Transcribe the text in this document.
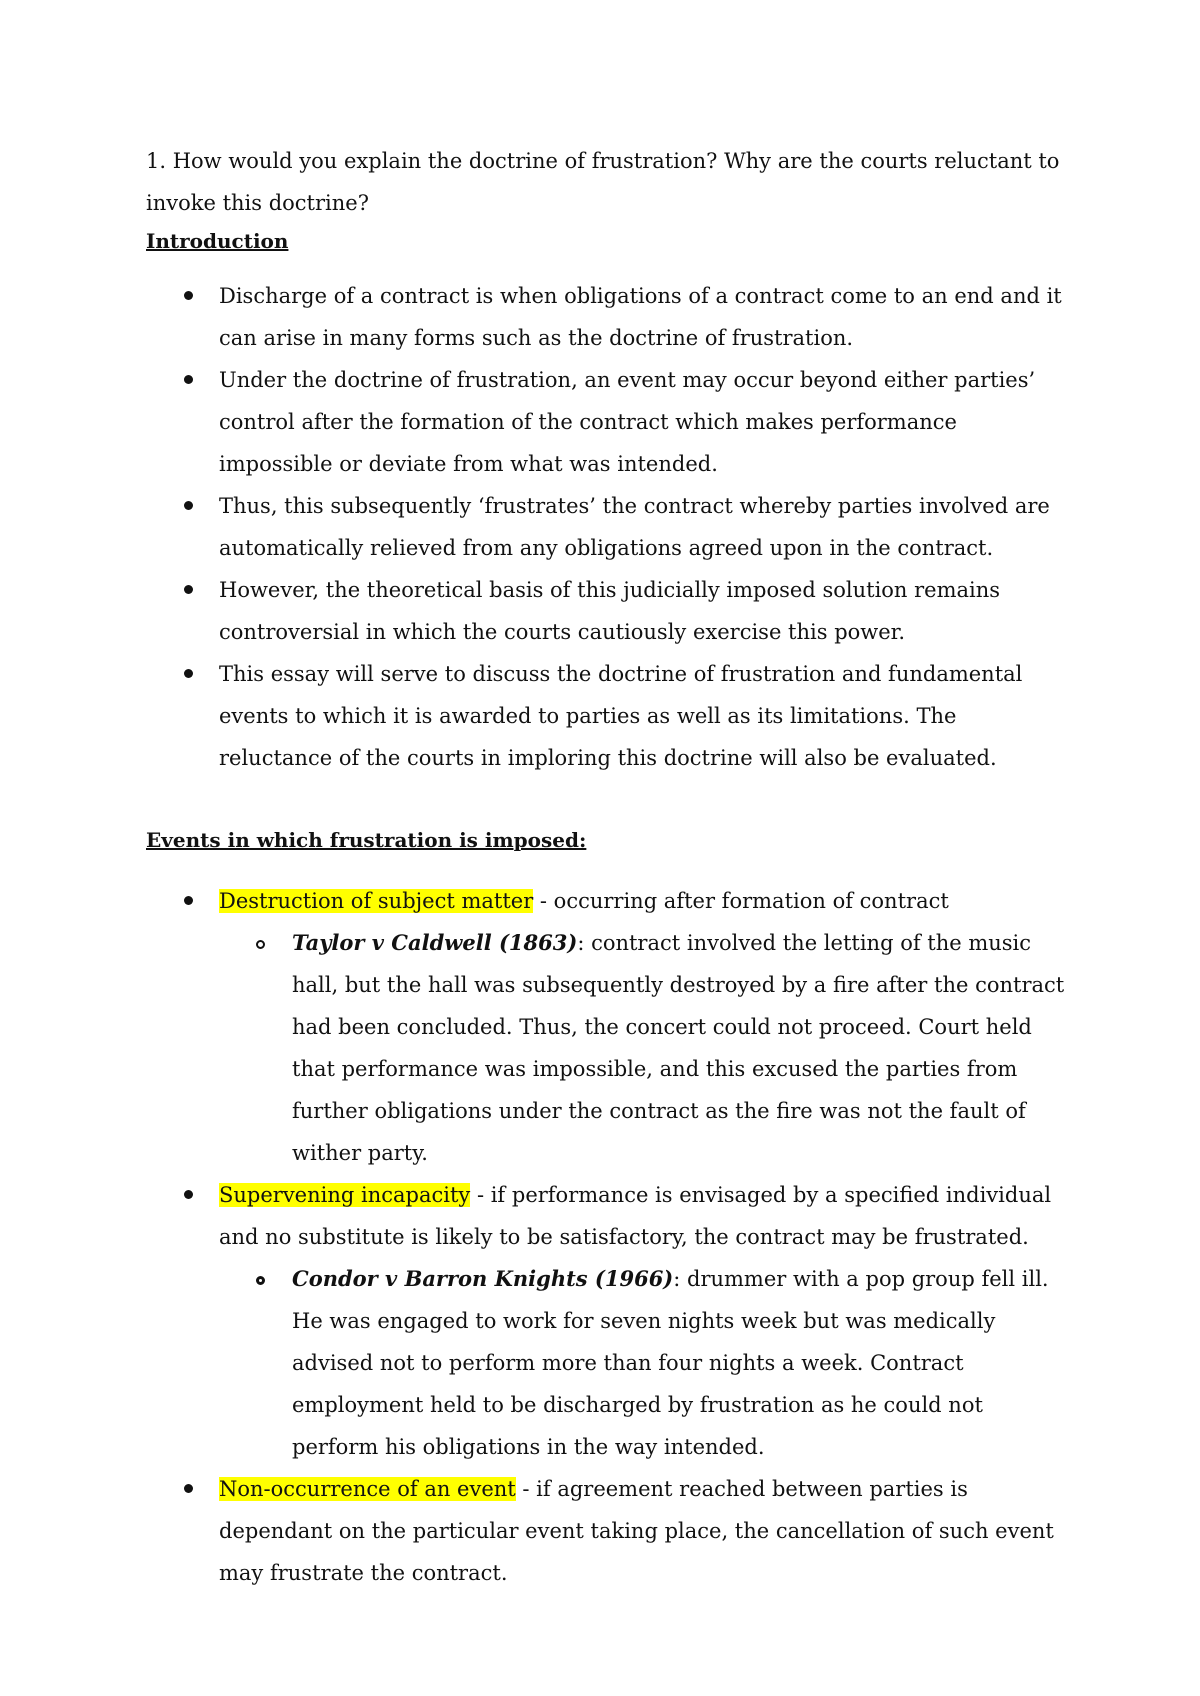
1. How would you explain the doctrine of frustration? Why are the courts reluctant to invoke this doctrine?
Introduction
Discharge of a contract is when obligations of a contract come to an end and it can arise in many forms such as the doctrine of frustration.
Under the doctrine of frustration, an event may occur beyond either parties’ control after the formation of the contract which makes performance impossible or deviate from what was intended.
Thus, this subsequently ‘frustrates’ the contract whereby parties involved are automatically relieved from any obligations agreed upon in the contract.
However, the theoretical basis of this judicially imposed solution remains controversial in which the courts cautiously exercise this power.
This essay will serve to discuss the doctrine of frustration and fundamental events to which it is awarded to parties as well as its limitations. The reluctance of the courts in imploring this doctrine will also be evaluated.
Events in which frustration is imposed:
Destruction of subject matter - occurring after formation of contract
Taylor v Caldwell (1863): contract involved the letting of the music hall, but the hall was subsequently destroyed by a fire after the contract had been concluded. Thus, the concert could not proceed. Court held that performance was impossible, and this excused the parties from further obligations under the contract as the fire was not the fault of wither party.
Supervening incapacity - if performance is envisaged by a specified individual and no substitute is likely to be satisfactory, the contract may be frustrated.
Condor v Barron Knights (1966): drummer with a pop group fell ill. He was engaged to work for seven nights week but was medically advised not to perform more than four nights a week. Contract employment held to be discharged by frustration as he could not perform his obligations in the way intended.
Non-occurrence of an event - if agreement reached between parties is dependant on the particular event taking place, the cancellation of such event may frustrate the contract.
